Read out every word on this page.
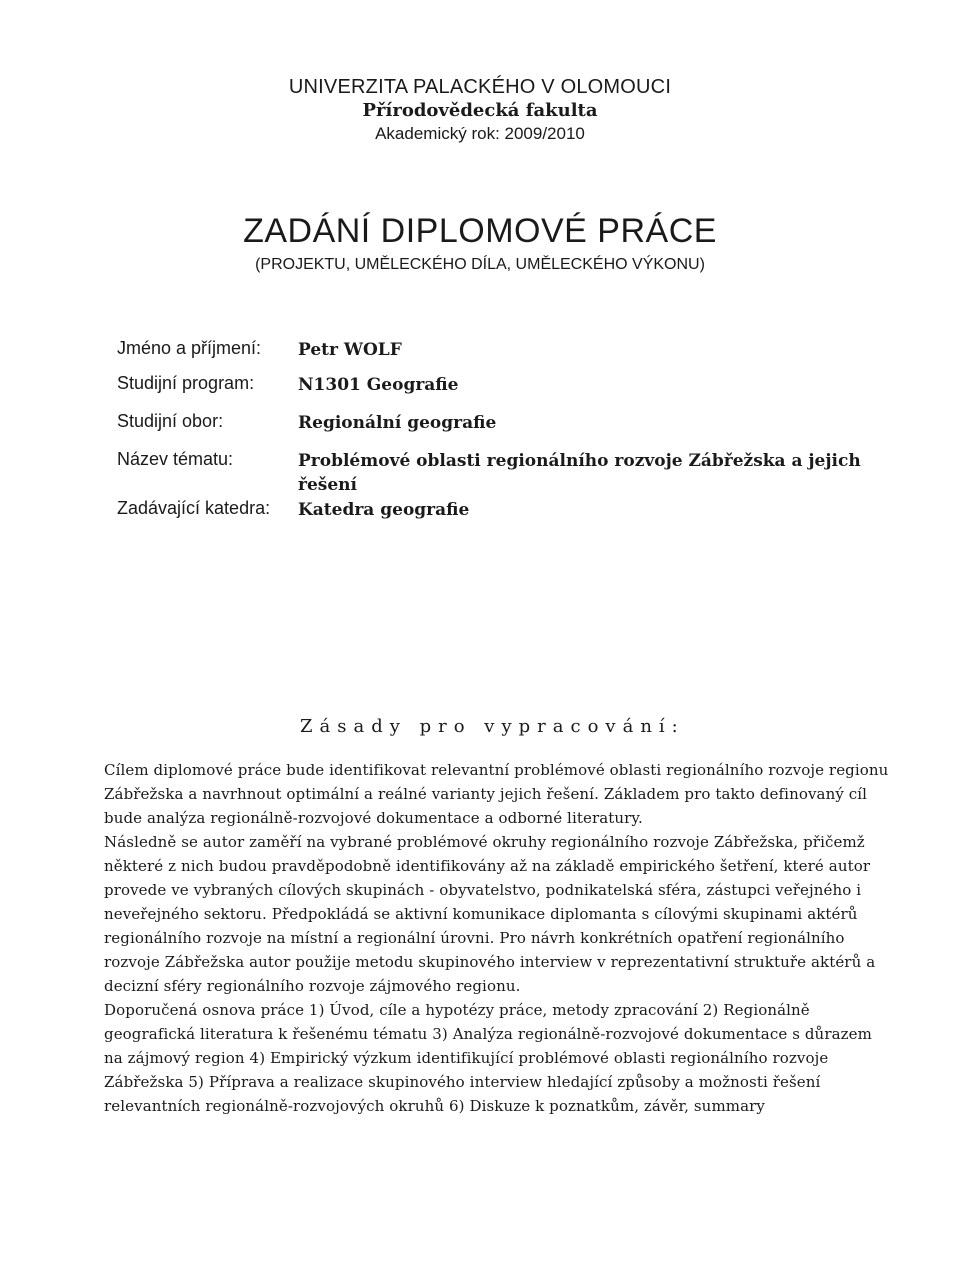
UNIVERZITA PALACKÉHO V OLOMOUCI
Přírodovědecká fakulta
Akademický rok: 2009/2010
ZADÁNÍ DIPLOMOVÉ PRÁCE
(PROJEKTU, UMĚLECKÉHO DÍLA, UMĚLECKÉHO VÝKONU)
Jméno a příjmení: Petr WOLF
Studijní program:	N1301 Geografie
Studijní obor:	Regionální geografie
Název tématu:	Problémové oblasti regionálního rozvoje Zábřežska a jejich řešení
Zadávající katedra: Katedra geografie
Zásady pro vypracování:

Cílem diplomové práce bude identifikovat relevantní problémové oblasti regionálního rozvoje regionu Zábřežska a navrhnout optimální a reálné varianty jejich řešení. Základem pro takto definovaný cíl bude analýza regionálně-rozvojové dokumentace a odborné literatury.

Následně se autor zaměří na vybrané problémové okruhy regionálního rozvoje Zábřežska, přičemž některé z nich budou pravděpodobně identifikovány až na základě empirického šetření, které autor provede ve vybraných cílových skupinách - obyvatelstvo, podnikatelská sféra, zástupci veřejného i neveřejného sektoru. Předpokládá se aktivní komunikace diplomanta s cílovými skupinami aktérů regionálního rozvoje na místní a regionální úrovni. Pro návrh konkrétních opatření regionálního rozvoje Zábřežska autor použije metodu skupinového interview v reprezentativní struktuře aktérů a decizní sféry regionálního rozvoje zájmového regionu.

Doporučená osnova práce 1) Úvod, cíle a hypotézy práce, metody zpracování 2) Regionálně geografická literatura k řešenému tématu 3) Analýza regionálně-rozvojové dokumentace s důrazem na zájmový region 4) Empirický výzkum identifikující problémové oblasti regionálního rozvoje Zábřežska 5) Příprava a realizace skupinového interview hledající způsoby a možnosti řešení relevantních regionálně-rozvojových okruhů 6) Diskuze k poznatkům, závěr, summary
